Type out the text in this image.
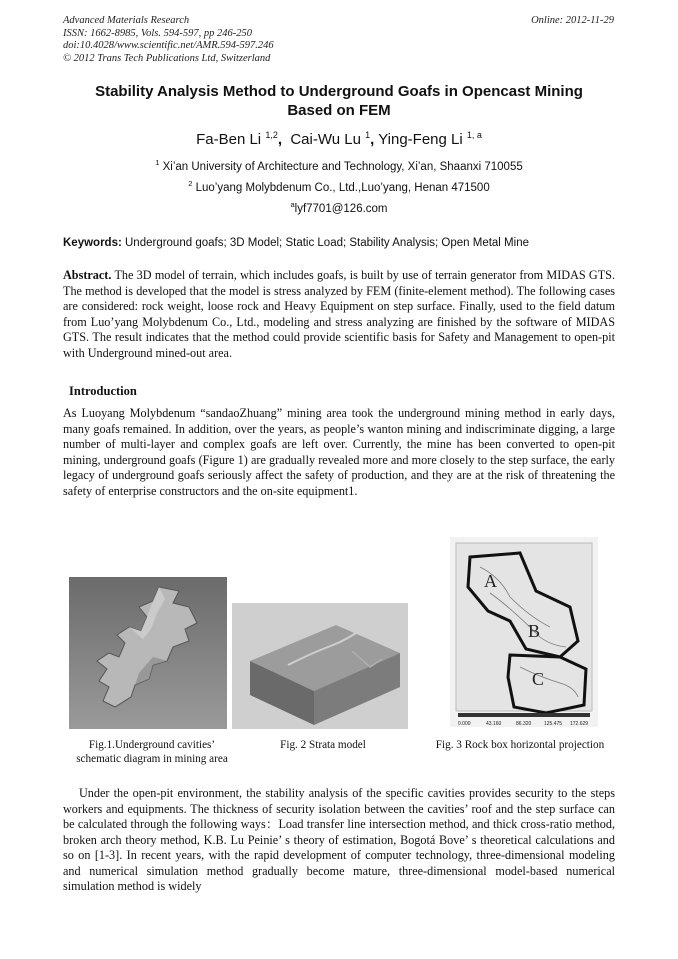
Advanced Materials Research
ISSN: 1662-8985, Vols. 594-597, pp 246-250
doi:10.4028/www.scientific.net/AMR.594-597.246
© 2012 Trans Tech Publications Ltd, Switzerland
Online: 2012-11-29
Stability Analysis Method to Underground Goafs in Opencast Mining
Based on FEM
Fa-Ben Li $^{1,2}$, Cai-Wu Lu $^1$, Ying-Feng Li $^{1, a}$
$^1$ Xi’an University of Architecture and Technology, Xi’an, Shaanxi 710055
$^2$ Luo’yang Molybdenum Co., Ltd.,Luo’yang, Henan 471500
$^a$lyf7701@126.com
Keywords: Underground goafs; 3D Model; Static Load; Stability Analysis; Open Metal Mine
Abstract. The 3D model of terrain, which includes goafs, is built by use of terrain generator from MIDAS GTS. The method is developed that the model is stress analyzed by FEM (finite-element method). The following cases are considered: rock weight, loose rock and Heavy Equipment on step surface. Finally, used to the field datum from Luo’yang Molybdenum Co., Ltd., modeling and stress analyzing are finished by the software of MIDAS GTS. The result indicates that the method could provide scientific basis for Safety and Management to open-pit with Underground mined-out area.
Introduction
As Luoyang Molybdenum “sandaoZhuang” mining area took the underground mining method in early days, many goafs remained. In addition, over the years, as people’s wanton mining and indiscriminate digging, a large number of multi-layer and complex goafs are left over. Currently, the mine has been converted to open-pit mining, underground goafs (Figure 1) are gradually revealed more and more closely to the step surface, the early legacy of underground goafs seriously affect the safety of production, and they are at the risk of threatening the safety of enterprise constructors and the on-site equipment1.
Fig.1.Underground cavities’
schematic diagram in mining area
Fig. 2 Strata model
A
B
C
0.000	43.160	86.320	125.475 172.629
Fig. 3 Rock box horizontal projection
Under the open-pit environment, the stability analysis of the specific cavities provides security to the steps workers and equipments. The thickness of security isolation between the cavities’ roof and the step surface can be calculated through the following ways：Load transfer line intersection method, and thick cross-ratio method, broken arch theory method, K.B. Lu Peinie’ s theory of estimation, Bogotá Bove’ s theoretical calculations and so on [1-3]. In recent years, with the rapid development of computer technology, three-dimensional modeling and numerical simulation method gradually become mature, three-dimensional model-based numerical simulation method is widely
